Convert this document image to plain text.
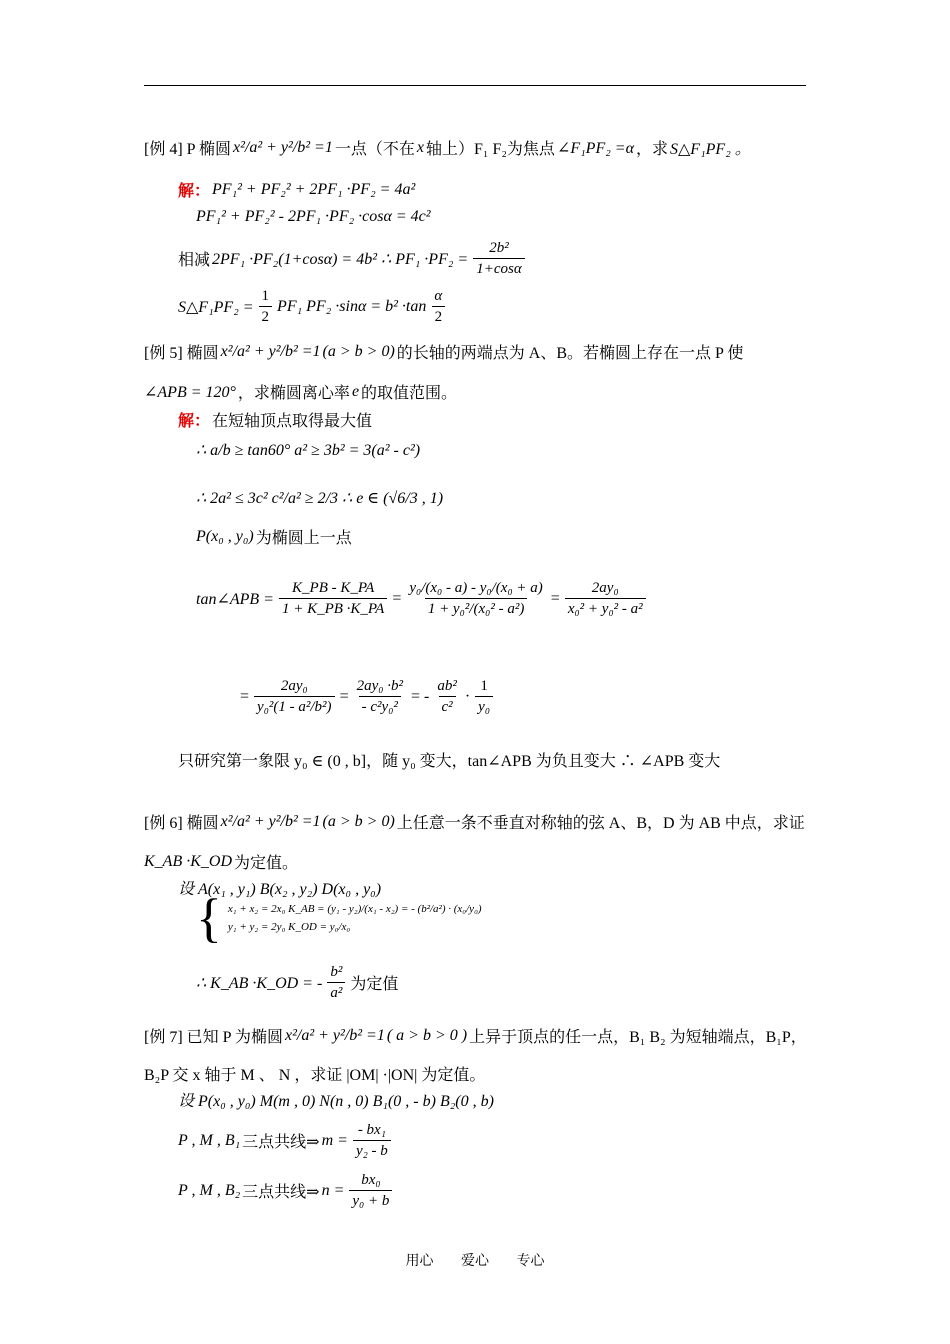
[例 4] P 椭圆 x²/a² + y²/b² =1 一点（不在 x 轴上）F₁ F₂为焦点 ∠F₁PF₂ =α ，求 S△F₁PF₂ 。
解： PF₁² + PF₂² + 2PF₁ ·PF₂ = 4a²
PF₁² + PF₂² - 2PF₁ ·PF₂ ·cosα = 4c²
相减 2PF₁ ·PF₂(1+cosα) = 4b² ∴ $PF_1 \cdot PF_2 = \frac{\text{2b²}}{1+\cos\alpha}$
S△F₁PF₂ = $\frac{1}{2} PF_1$ $PF_2 \cdot\sin\alpha = b^2 \cdot\tan \frac{\alpha}{2}$
[例 5] 椭圆 x²/a² + y²/b² =1 (a > b > 0) 的长轴的两端点为 A、B。若椭圆上存在一点 P 使
∠APB = 120° ，求椭圆离心率 e 的取值范围。
解： 在短轴顶点取得最大值
∴ a/b ≥ tan60° a² ≥ 3b² = 3(a² - c²)
∴ 2a² ≤ 3c² c²/a² ≥ 2/3 ∴ e ∈ (√6/3 , 1)
P(x₀ , y₀) 为椭圆上一点
tan∠APB = $\frac{K\_PB - K\_PA}{1 + K\_PB \cdot K\_PA} = \frac{\text{y₀/(x₀ - a) - y₀/(x₀ + a)}}{\text{1 + y₀²/(x₀² - a²)}} = \frac{\text{2ay₀}}{\text{x₀² + y₀² - a²}}$
= $\frac{\text{2ay₀}}{\text{y₀²(1 - a²/b²)}} = \frac{\text{2ay₀ ·b²}}{\text{- c²y₀²}}$ = - $\frac{\text{ab²}}{\text{c²}} \cdot \frac{1}{\text{y₀}}$
只研究第一象限 y₀ ∈ (0 , b]，随 y₀ 变大，tan∠APB 为负且变大 ∴ ∠APB 变大
[例 6] 椭圆 x²/a² + y²/b² =1 (a > b > 0) 上任意一条不垂直对称轴的弦 A、B，D 为 AB 中点，求证
K_AB ·K_OD 为定值。
设 A(x₁ , y₁) B(x₂ , y₂) D(x₀ , y₀)
{ x₁ + x₂ = 2x₀ K_AB = (y₁ - y₂)/(x₁ - x₂) = - (b²/a²) · (x₀/y₀)
y₁ + y₂ = 2y₀ K_OD = y₀/x₀
∴ K_AB ·K_OD = - $\frac{\text{b²}}{\text{a²}}$ 为定值
[例 7] 已知 P 为椭圆 x²/a² + y²/b² =1 ( a > b > 0 ) 上异于顶点的任一点，B₁ B₂ 为短轴端点，B₁P，
B₂P 交 x 轴于 M 、 N ，求证 |OM| ·|ON| 为定值。
设 P(x₀ , y₀) M(m , 0) N(n , 0) B₁(0 , - b) B₂(0 , b)
P , M , B₁ 三点共线⇒ $m = \frac{\text{- bx₁}}{\text{y₂ - b}}$
P , M , B₂ 三点共线⇒ $n = \frac{\text{bx₀}}{\text{y₀ + b}}$
用心 爱心 专心
